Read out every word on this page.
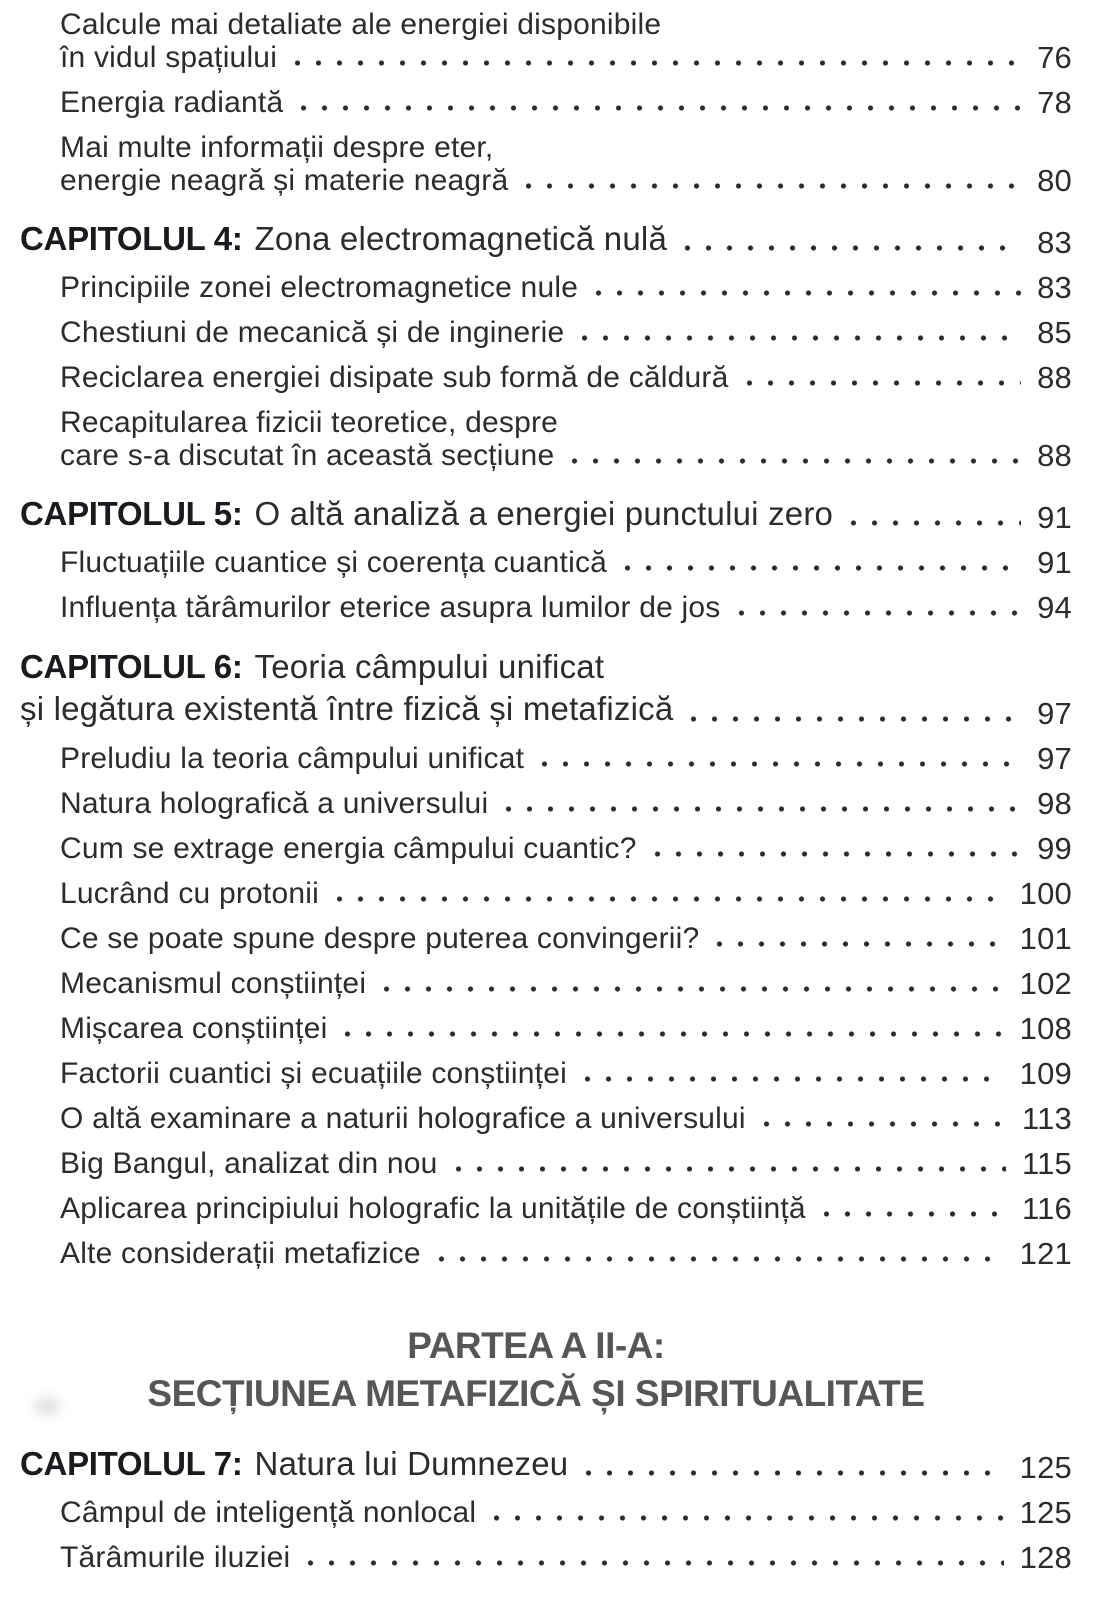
Calcule mai detaliate ale energiei disponibile
în vidul spațiului	76
Energia radiantă	78
Mai multe informații despre eter,
energie neagră și materie neagră	80
CAPITOLUL 4: Zona electromagnetică nulă	83
Principiile zonei electromagnetice nule	83
Chestiuni de mecanică și de inginerie	85
Reciclarea energiei disipate sub formă de căldură	88
Recapitularea fizicii teoretice, despre
care s-a discutat în această secțiune	88
CAPITOLUL 5: O altă analiză a energiei punctului zero	91
Fluctuațiile cuantice și coerența cuantică	91
Influența tărâmurilor eterice asupra lumilor de jos	94
CAPITOLUL 6: Teoria câmpului unificat
și legătura existentă între fizică și metafizică	97
Preludiu la teoria câmpului unificat	97
Natura holografică a universului	98
Cum se extrage energia câmpului cuantic?	99
Lucrând cu protonii	100
Ce se poate spune despre puterea convingerii?	101
Mecanismul conștiinței	102
Mișcarea conștiinței	108
Factorii cuantici și ecuațiile conștiinței	109
O altă examinare a naturii holografice a universului	113
Big Bangul, analizat din nou	115
Aplicarea principiului holografic la unitățile de conștiință	116
Alte considerații metafizice	121
PARTEA A II-A:
SECȚIUNEA METAFIZICĂ ȘI SPIRITUALITATE
CAPITOLUL 7: Natura lui Dumnezeu	125
Câmpul de inteligență nonlocal	125
Tărâmurile iluziei	128
